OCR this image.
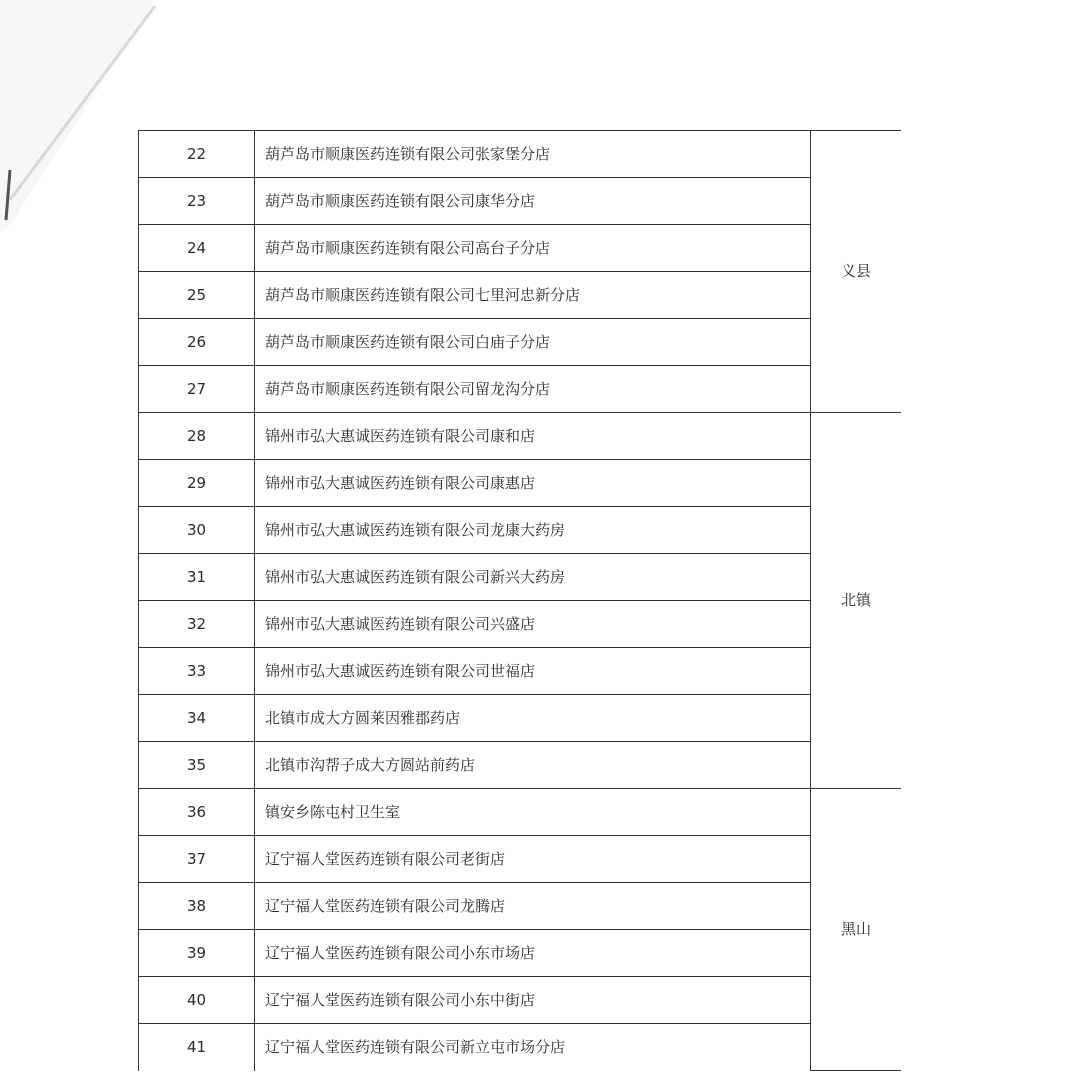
22	葫芦岛市顺康医药连锁有限公司张家堡分店	义县
23	葫芦岛市顺康医药连锁有限公司康华分店	
24	葫芦岛市顺康医药连锁有限公司高台子分店	
25	葫芦岛市顺康医药连锁有限公司七里河忠新分店	
26	葫芦岛市顺康医药连锁有限公司白庙子分店	
27	葫芦岛市顺康医药连锁有限公司留龙沟分店	
28	锦州市弘大惠诚医药连锁有限公司康和店	北镇
29	锦州市弘大惠诚医药连锁有限公司康惠店	
30	锦州市弘大惠诚医药连锁有限公司龙康大药房	
31	锦州市弘大惠诚医药连锁有限公司新兴大药房	
32	锦州市弘大惠诚医药连锁有限公司兴盛店	
33	锦州市弘大惠诚医药连锁有限公司世福店	
34	北镇市成大方圆莱因雅郡药店	
35	北镇市沟帮子成大方圆站前药店	
36	镇安乡陈屯村卫生室	黑山
37	辽宁福人堂医药连锁有限公司老街店	
38	辽宁福人堂医药连锁有限公司龙腾店	
39	辽宁福人堂医药连锁有限公司小东市场店	
40	辽宁福人堂医药连锁有限公司小东中街店	
41	辽宁福人堂医药连锁有限公司新立屯市场分店	
